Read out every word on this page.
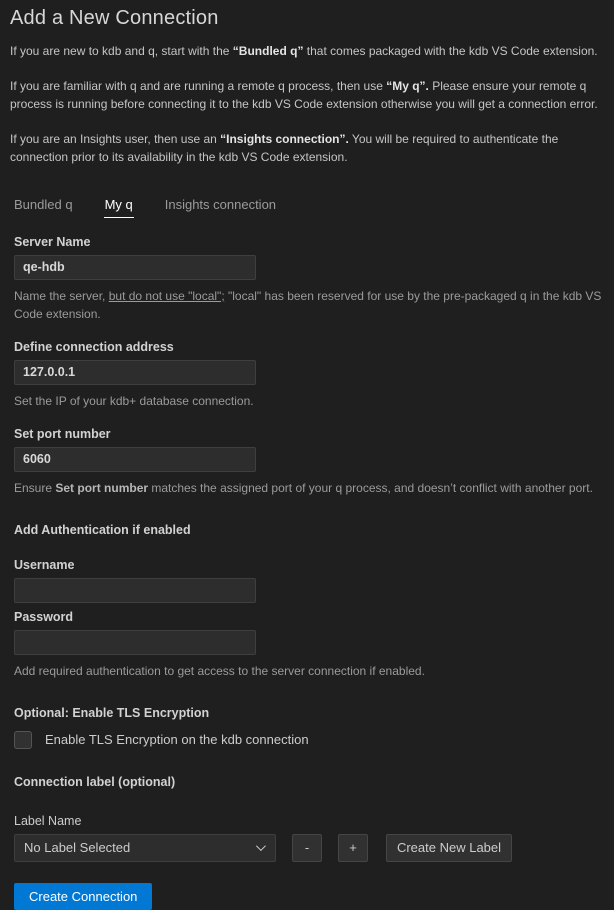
Add a New Connection

If you are new to kdb and q, start with the “Bundled q” that comes packaged with the kdb VS Code extension.

If you are familiar with q and are running a remote q process, then use “My q”. Please ensure your remote q process is running before connecting it to the kdb VS Code extension otherwise you will get a connection error.

If you are an Insights user, then use an “Insights connection”. You will be required to authenticate the connection prior to its availability in the kdb VS Code extension.

Bundled q My q Insights connection
Server Name
qe-hdb
Name the server, but do not use "local"; "local" has been reserved for use by the pre-packaged q in the kdb VS Code extension.
Define connection address
127.0.0.1
Set the IP of your kdb+ database connection.
Set port number
6060
Ensure Set port number matches the assigned port of your q process, and doesn’t conflict with another port.
Add Authentication if enabled
Username
Password
Add required authentication to get access to the server connection if enabled.
Optional: Enable TLS Encryption
Enable TLS Encryption on the kdb connection
Connection label (optional)
Label Name
No Label Selected	-	+	Create New Label
Create Connection
